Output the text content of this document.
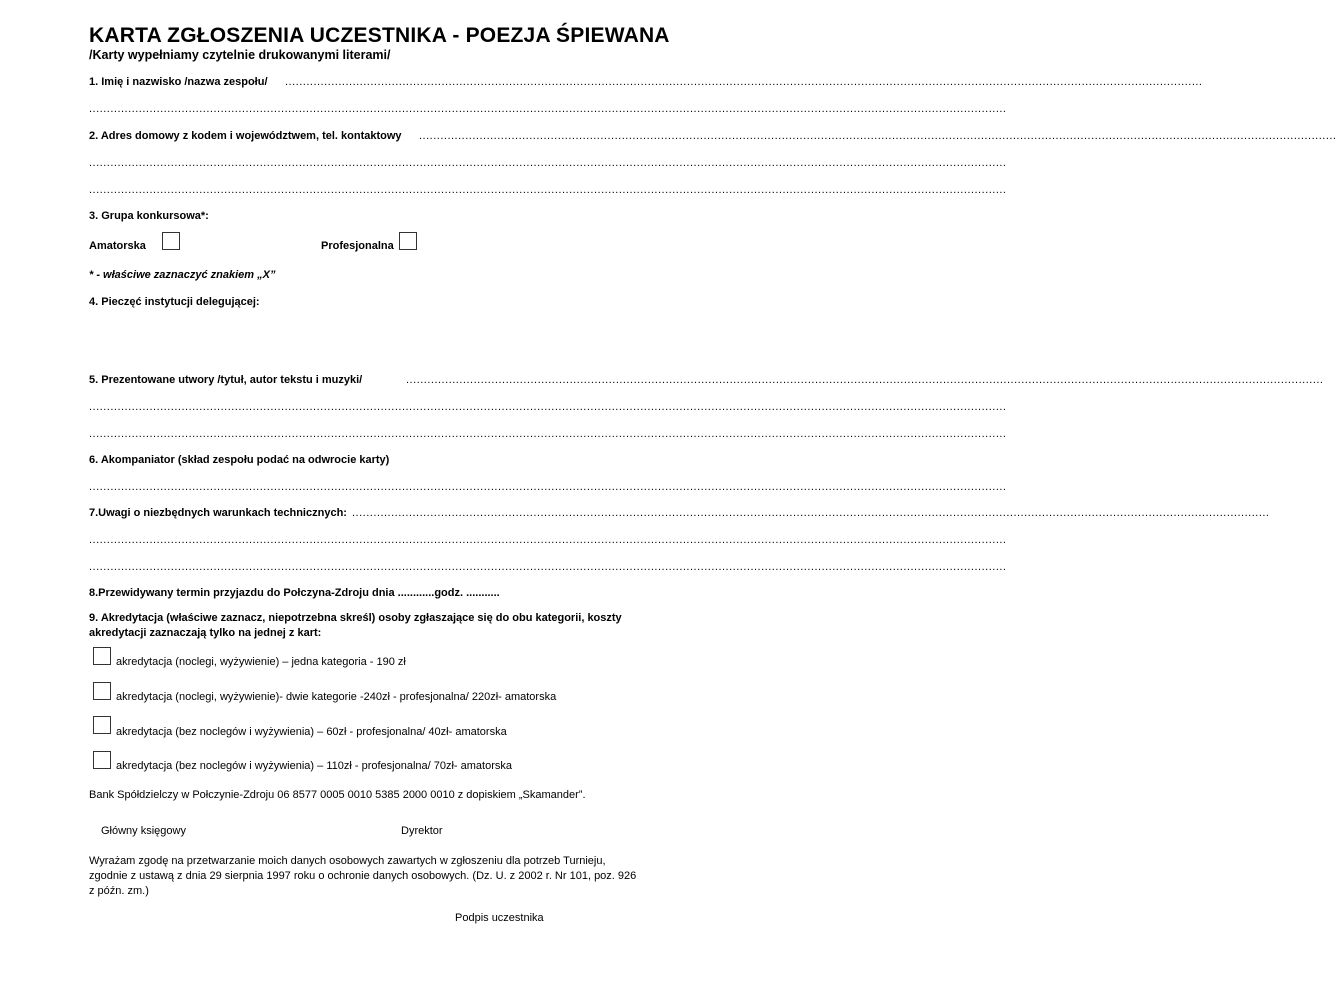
KARTA ZGŁOSZENIA UCZESTNIKA - POEZJA ŚPIEWANA
/Karty wypełniamy czytelnie drukowanymi literami/
1. Imię i nazwisko /nazwa zespołu/ ..................................................................................................................................................................................................................................................................
..................................................................................................................................................................................................................................................................
2. Adres domowy z kodem i województwem, tel. kontaktowy ..................................................................................................................................................................................................................................................................
..................................................................................................................................................................................................................................................................
..................................................................................................................................................................................................................................................................
3. Grupa konkursowa*:
Amatorska	Profesjonalna
* - właściwe zaznaczyć znakiem „X”
4. Pieczęć instytucji delegującej:
5. Prezentowane utwory /tytuł, autor tekstu i muzyki/	..................................................................................................................................................................................................................................................................
..................................................................................................................................................................................................................................................................
..................................................................................................................................................................................................................................................................
6. Akompaniator (skład zespołu podać na odwrocie karty)
..................................................................................................................................................................................................................................................................
7.Uwagi o niezbędnych warunkach technicznych: ..................................................................................................................................................................................................................................................................
..................................................................................................................................................................................................................................................................
..................................................................................................................................................................................................................................................................
8.Przewidywany termin przyjazdu do Połczyna-Zdroju dnia ............godz. ...........
9. Akredytacja (właściwe zaznacz, niepotrzebna skreśl) osoby zgłaszające się do obu kategorii, koszty
akredytacji zaznaczają tylko na jednej z kart:
akredytacja (noclegi, wyżywienie) – jedna kategoria - 190 zł
akredytacja (noclegi, wyżywienie)- dwie kategorie -240zł - profesjonalna/ 220zł- amatorska
akredytacja (bez noclegów i wyżywienia) – 60zł - profesjonalna/ 40zł- amatorska
akredytacja (bez noclegów i wyżywienia) – 110zł - profesjonalna/ 70zł- amatorska
Bank Spółdzielczy w Połczynie-Zdroju 06 8577 0005 0010 5385 2000 0010 z dopiskiem „Skamander”.
Główny księgowy	Dyrektor
Wyrażam zgodę na przetwarzanie moich danych osobowych zawartych w zgłoszeniu dla potrzeb Turnieju,
zgodnie z ustawą z dnia 29 sierpnia 1997 roku o ochronie danych osobowych. (Dz. U. z 2002 r. Nr 101, poz. 926
z późn. zm.)
Podpis uczestnika
